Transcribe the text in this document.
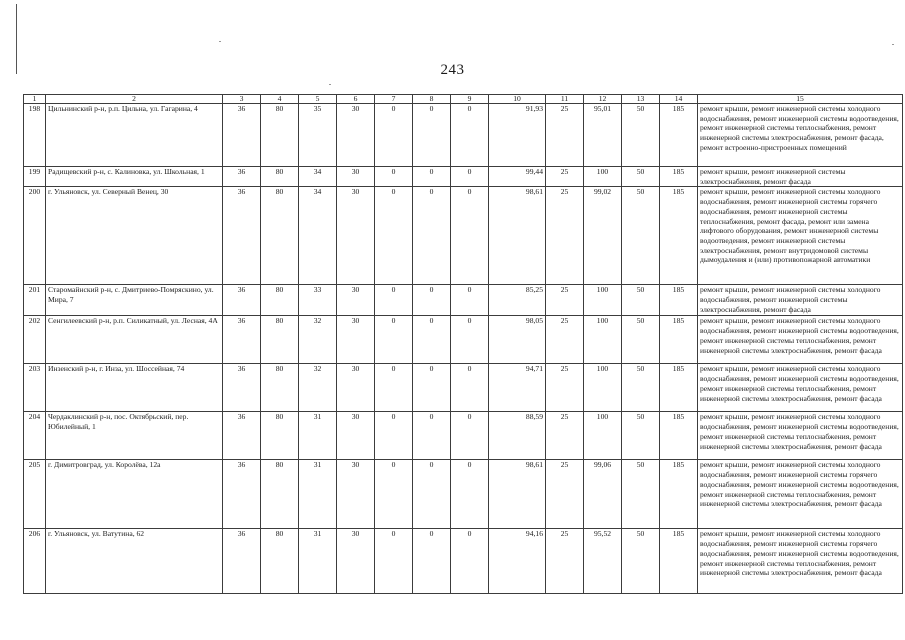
243
1	2	3	4	5	6	7	8	9	10	11	12	13	14	15
198	Цильнинский р-н, р.п. Цильна, ул. Гагарина, 4	36	80	35	30	0	0	0	91,93	25	95,01	50	185	ремонт крыши, ремонт инженерной системы холодного водоснабжения, ремонт инженерной системы водоотведения, ремонт инженерной системы теплоснабжения, ремонт инженерной системы электроснабжения, ремонт фасада, ремонт встроенно-пристроенных помещений
199	Радищевский р-н, с. Калиновка, ул. Школьная, 1	36	80	34	30	0	0	0	99,44	25	100	50	185	ремонт крыши, ремонт инженерной системы электроснабжения, ремонт фасада
200	г. Ульяновск, ул. Северный Венец, 30	36	80	34	30	0	0	0	98,61	25	99,02	50	185	ремонт крыши, ремонт инженерной системы холодного водоснабжения, ремонт инженерной системы горячего водоснабжения, ремонт инженерной системы теплоснабжения, ремонт фасада, ремонт или замена лифтового оборудования, ремонт инженерной системы водоотведения, ремонт инженерной системы электроснабжения, ремонт внутридомовой системы дымоудаления и (или) противопожарной автоматики
201	Старомайнский р-н, с. Дмитриево-Помряскино, ул. Мира, 7	36	80	33	30	0	0	0	85,25	25	100	50	185	ремонт крыши, ремонт инженерной системы холодного водоснабжения, ремонт инженерной системы электроснабжения, ремонт фасада
202	Сенгилеевский р-н, р.п. Силикатный, ул. Лесная, 4А	36	80	32	30	0	0	0	98,05	25	100	50	185	ремонт крыши, ремонт инженерной системы холодного водоснабжения, ремонт инженерной системы водоотведения, ремонт инженерной системы теплоснабжения, ремонт инженерной системы электроснабжения, ремонт фасада
203	Инзенский р-н, г. Инза, ул. Шоссейная, 74	36	80	32	30	0	0	0	94,71	25	100	50	185	ремонт крыши, ремонт инженерной системы холодного водоснабжения, ремонт инженерной системы водоотведения, ремонт инженерной системы теплоснабжения, ремонт инженерной системы электроснабжения, ремонт фасада
204	Чердаклинский р-н, пос. Октябрьский, пер. Юбилейный, 1	36	80	31	30	0	0	0	88,59	25	100	50	185	ремонт крыши, ремонт инженерной системы холодного водоснабжения, ремонт инженерной системы водоотведения, ремонт инженерной системы теплоснабжения, ремонт инженерной системы электроснабжения, ремонт фасада
205	г. Димитровград, ул. Королёва, 12а	36	80	31	30	0	0	0	98,61	25	99,06	50	185	ремонт крыши, ремонт инженерной системы холодного водоснабжения, ремонт инженерной системы горячего водоснабжения, ремонт инженерной системы водоотведения, ремонт инженерной системы теплоснабжения, ремонт инженерной системы электроснабжения, ремонт фасада
206	г. Ульяновск, ул. Ватутина, 62	36	80	31	30	0	0	0	94,16	25	95,52	50	185	ремонт крыши, ремонт инженерной системы холодного водоснабжения, ремонт инженерной системы горячего водоснабжения, ремонт инженерной системы водоотведения, ремонт инженерной системы теплоснабжения, ремонт инженерной системы электроснабжения, ремонт фасада
